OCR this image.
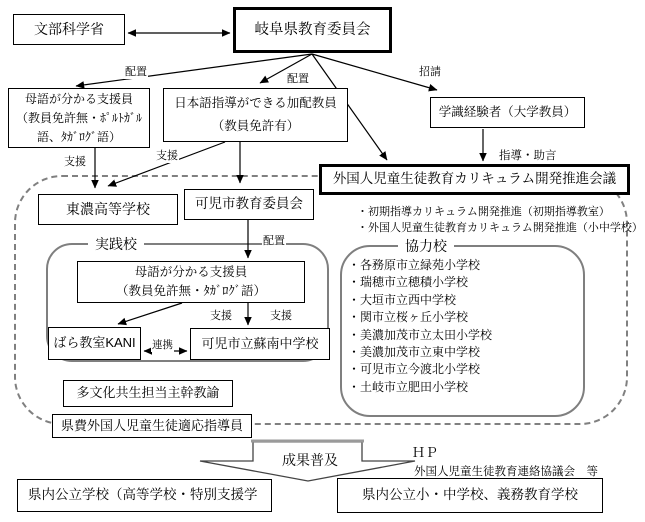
文部科学省	岐阜県教育委員会
母語が分かる支援員
（教員免許無・ﾎﾟﾙﾄｶﾞﾙ
語、ﾀｶﾞﾛｸﾞ語）
日本語指導ができる加配教員
（教員免許有）
学識経験者（大学教員）
外国人児童生徒教育カリキュラム開発推進会議
東濃高等学校	可児市教育委員会
母語が分かる支援員
（教員免許無・ﾀｶﾞﾛｸﾞ語）
ばら教室KANI	可児市立蘇南中学校
多文化共生担当主幹教諭
県費外国人児童生徒適応指導員
県内公立学校（高等学校・特別支援学	県内公立小・中学校、義務教育学校
実践校	協力校
配置
配置
招請
指導・助言
支援	支援
配置
支援	支援
連携
成果普及
・初期指導カリキュラム開発推進（初期指導教室）
・外国人児童生徒教育カリキュラム開発推進（小中学校）
・各務原市立緑苑小学校
・瑞穂市立穂積小学校
・大垣市立西中学校
・関市立桜ヶ丘小学校
・美濃加茂市立太田小学校
・美濃加茂市立東中学校
・可児市立今渡北小学校
・土岐市立肥田小学校
ＨＰ
外国人児童生徒教育連絡協議会　等
